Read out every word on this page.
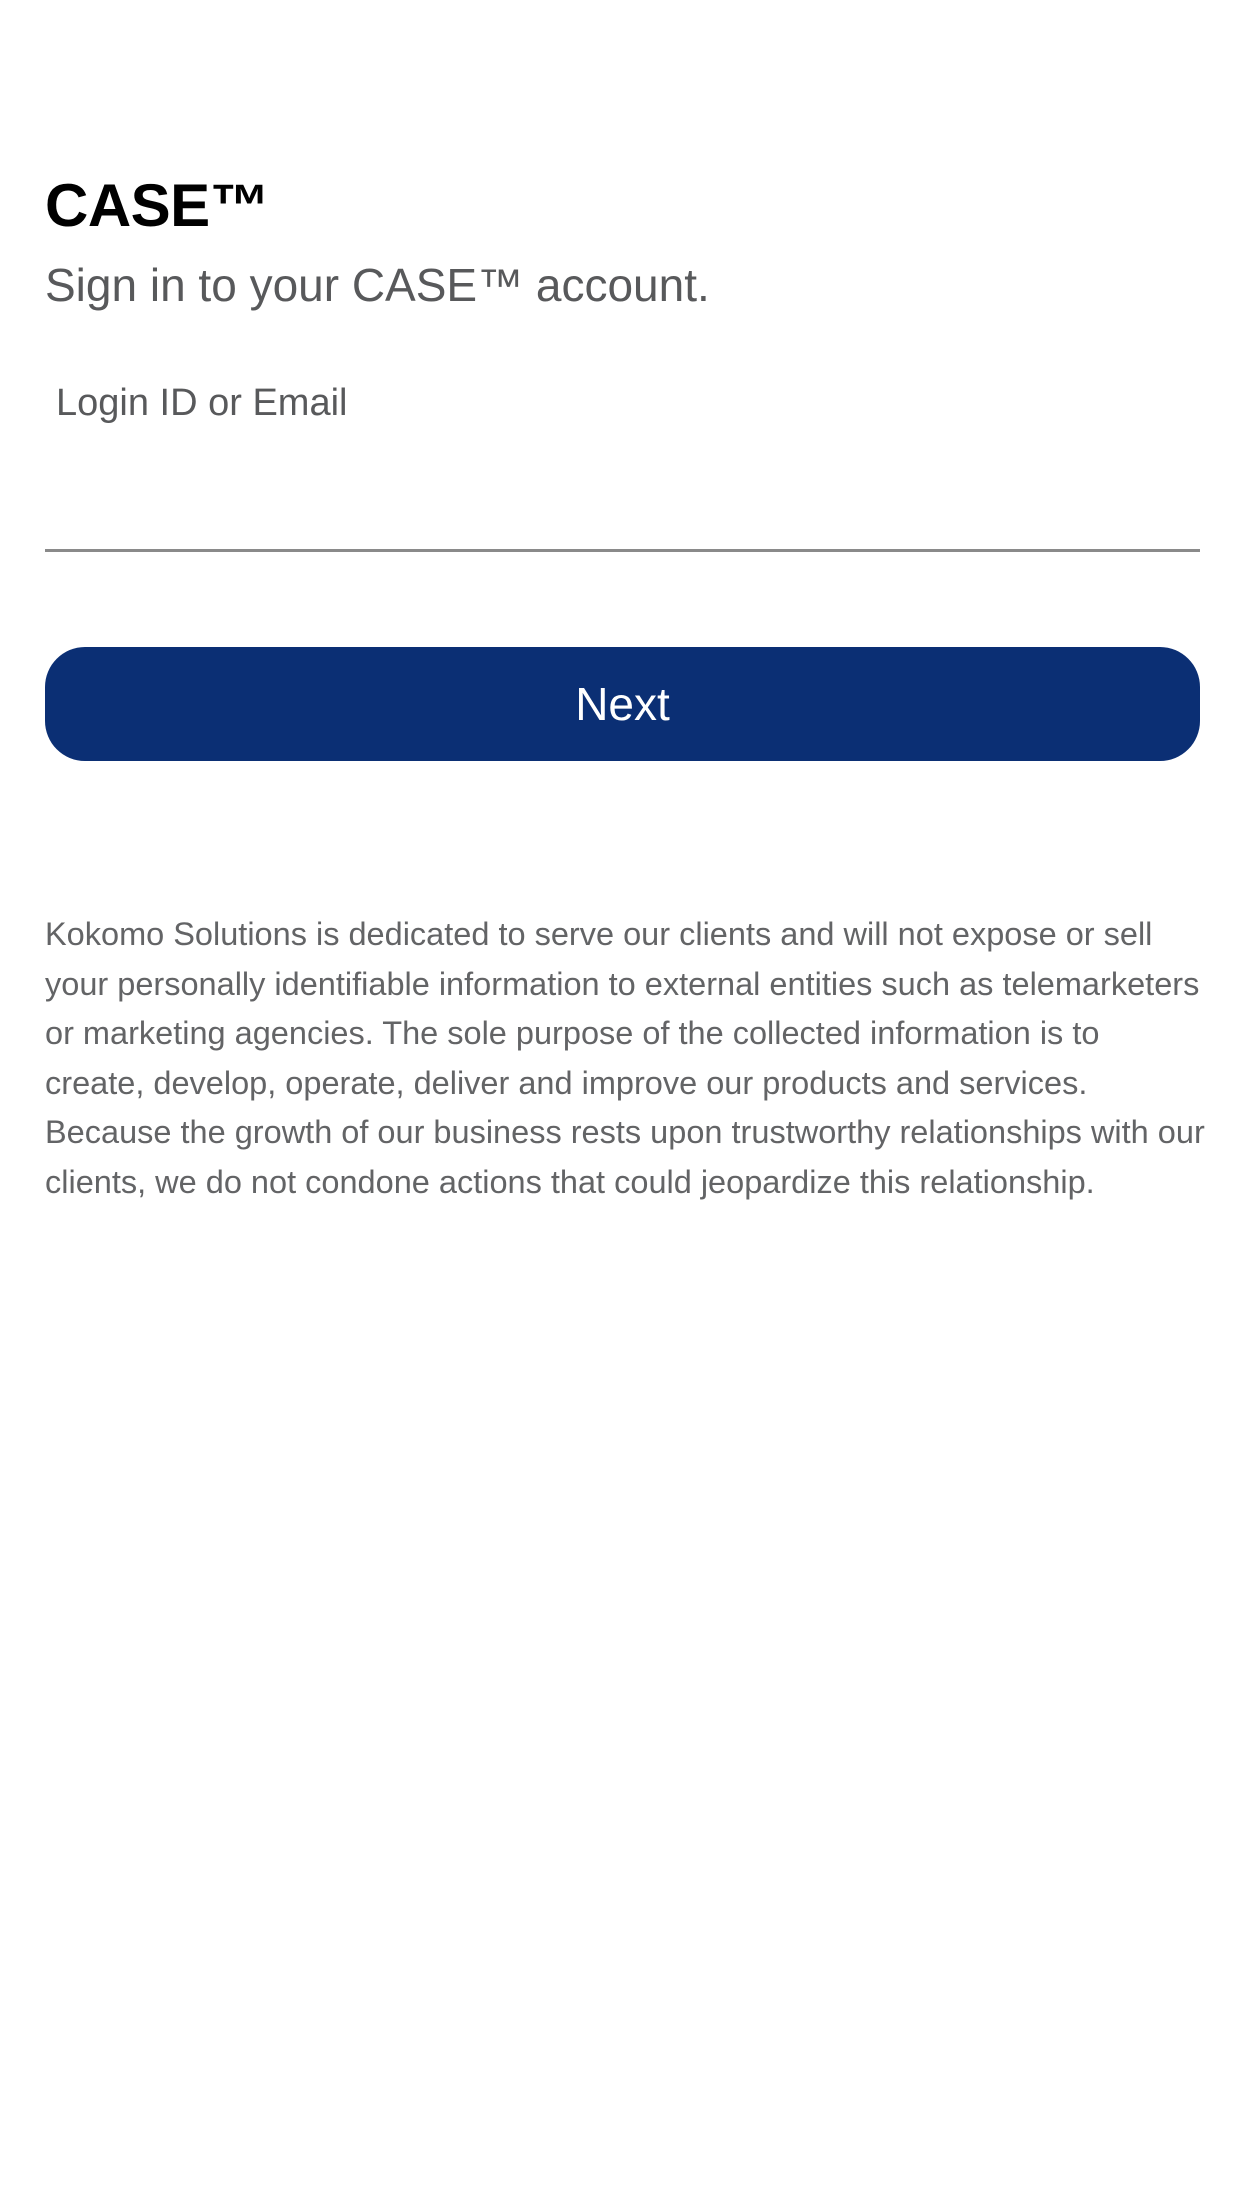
CASE™
Sign in to your CASE™ account.
Login ID or Email
Next

Kokomo Solutions is dedicated to serve our clients and will not expose or sell your personally identifiable information to external entities such as telemarketers or marketing agencies. The sole purpose of the collected information is to create, develop, operate, deliver and improve our products and services. Because the growth of our business rests upon trustworthy relationships with our clients, we do not condone actions that could jeopardize this relationship.
